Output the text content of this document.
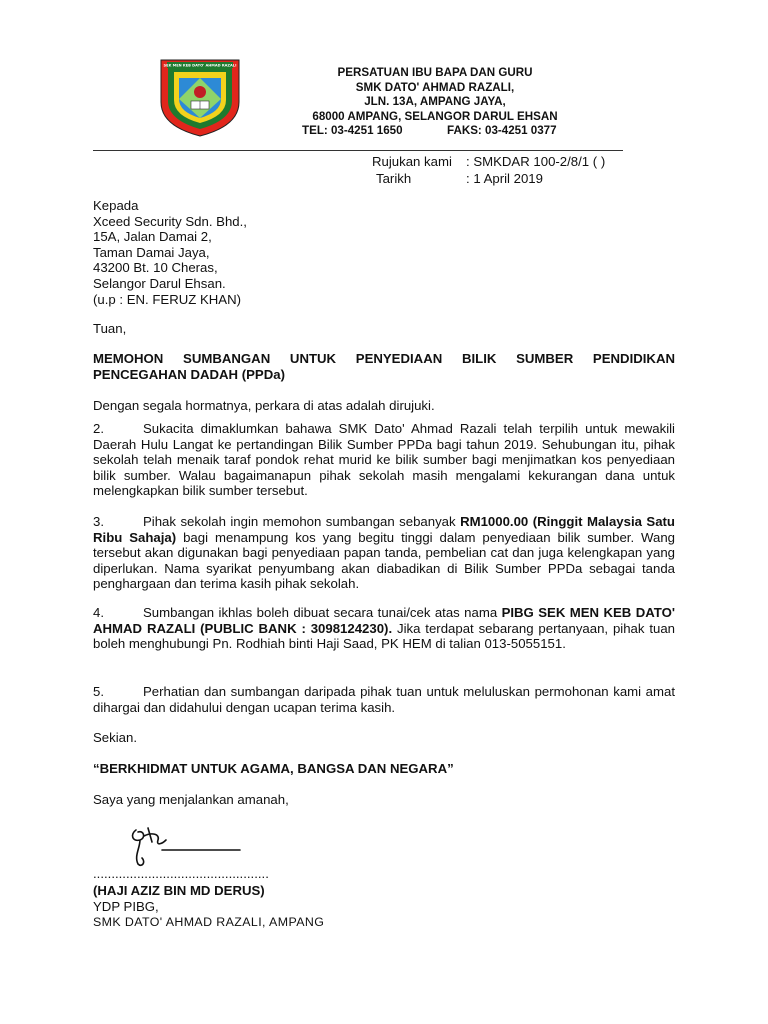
SEK MEN KEB DATO' AHMAD RAZALI
PERSATUAN IBU BAPA DAN GURU
SMK DATO' AHMAD RAZALI,
JLN. 13A, AMPANG JAYA,
68000 AMPANG, SELANGOR DARUL EHSAN
TEL: 03-4251 1650	FAKS: 03-4251 0377
Rujukan kami : SMKDAR 100-2/8/1 ( )
Tarikh	: 1 April 2019
Kepada
Xceed Security Sdn. Bhd.,
15A, Jalan Damai 2,
Taman Damai Jaya,
43200 Bt. 10 Cheras,
Selangor Darul Ehsan.
(u.p : EN. FERUZ KHAN)
Tuan,
MEMOHON SUMBANGAN UNTUK PENYEDIAAN BILIK SUMBER PENDIDIKAN PENCEGAHAN DADAH (PPDa)
Dengan segala hormatnya, perkara di atas adalah dirujuki.
2.	Sukacita dimaklumkan bahawa SMK Dato' Ahmad Razali telah terpilih untuk mewakili Daerah Hulu Langat ke pertandingan Bilik Sumber PPDa bagi tahun 2019. Sehubungan itu, pihak sekolah telah menaik taraf pondok rehat murid ke bilik sumber bagi menjimatkan kos penyediaan bilik sumber. Walau bagaimanapun pihak sekolah masih mengalami kekurangan dana untuk melengkapkan bilik sumber tersebut.
3.	Pihak sekolah ingin memohon sumbangan sebanyak RM1000.00 (Ringgit Malaysia Satu Ribu Sahaja) bagi menampung kos yang begitu tinggi dalam penyediaan bilik sumber. Wang tersebut akan digunakan bagi penyediaan papan tanda, pembelian cat dan juga kelengkapan yang diperlukan. Nama syarikat penyumbang akan diabadikan di Bilik Sumber PPDa sebagai tanda penghargaan dan terima kasih pihak sekolah.
4.	Sumbangan ikhlas boleh dibuat secara tunai/cek atas nama PIBG SEK MEN KEB DATO' AHMAD RAZALI (PUBLIC BANK : 3098124230). Jika terdapat sebarang pertanyaan, pihak tuan boleh menghubungi Pn. Rodhiah binti Haji Saad, PK HEM di talian 013-5055151.
5.	Perhatian dan sumbangan daripada pihak tuan untuk meluluskan permohonan kami amat dihargai dan didahului dengan ucapan terima kasih.
Sekian.
“BERKHIDMAT UNTUK AGAMA, BANGSA DAN NEGARA”
Saya yang menjalankan amanah,
................................................
(HAJI AZIZ BIN MD DERUS)
YDP PIBG,
SMK DATO' AHMAD RAZALI, AMPANG
